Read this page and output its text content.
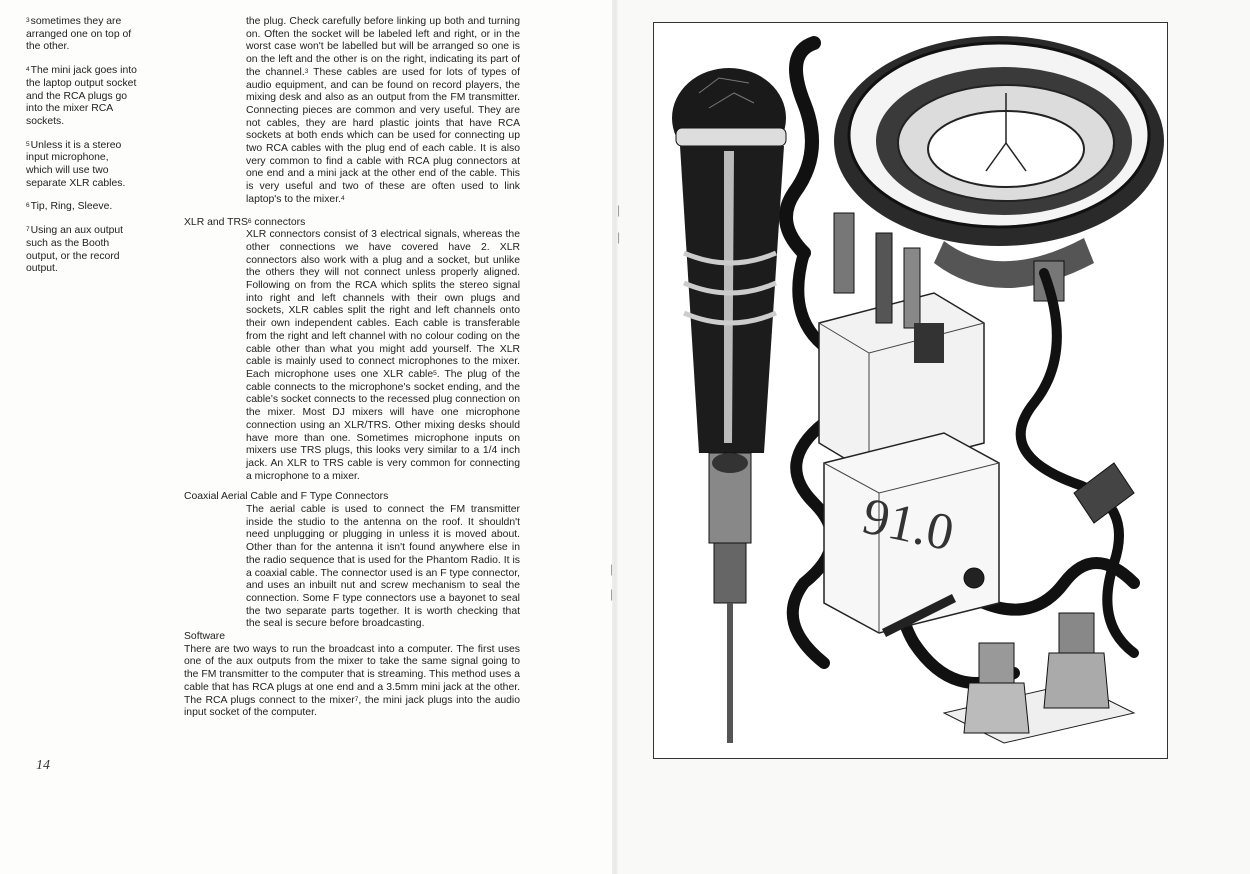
$^3$sometimes they are arranged one on top of the other.

$^4$The mini jack goes into the laptop output socket and the RCA plugs go into the mixer RCA sockets.

$^5$Unless it is a stereo input microphone, which will use two separate XLR cables.

$^6$Tip, Ring, Sleeve.

$^7$Using an aux output such as the Booth output, or the record output.

the plug. Check carefully before linking up both and turning on. Often the socket will be labeled left and right, or in the worst case won't be labelled but will be arranged so one is on the left and the other is on the right, indicating its part of the channel.$^3$ These cables are used for lots of types of audio equipment, and can be found on record players, the mixing desk and also as an output from the FM transmitter. Connecting pieces are common and very useful. They are not cables, they are hard plastic joints that have RCA sockets at both ends which can be used for connecting up two RCA cables with the plug end of each cable. It is also very common to find a cable with RCA plug connectors at one end and a mini jack at the other end of the cable. This is very useful and two of these are often used to link laptop's to the mixer.$^4$

XLR and TRS$^6$ connectors

XLR connectors consist of 3 electrical signals, whereas the other connections we have covered have 2. XLR connectors also work with a plug and a socket, but unlike the others they will not connect unless properly aligned. Following on from the RCA which splits the stereo signal into right and left channels with their own plugs and sockets, XLR cables split the right and left channels onto their own independent cables. Each cable is transferable from the right and left channel with no colour coding on the cable other than what you might add yourself. The XLR cable is mainly used to connect microphones to the mixer. Each microphone uses one XLR cable$^5$. The plug of the cable connects to the microphone's socket ending, and the cable's socket connects to the recessed plug connection on the mixer. Most DJ mixers will have one microphone connection using an XLR/TRS. Other mixing desks should have more than one. Sometimes microphone inputs on mixers use TRS plugs, this looks very similar to a 1/4 inch jack. An XLR to TRS cable is very common for connecting a microphone to a mixer.

Coaxial Aerial Cable and F Type Connectors

The aerial cable is used to connect the FM transmitter inside the studio to the antenna on the roof. It shouldn't need unplugging or plugging in unless it is moved about. Other than for the antenna it isn't found anywhere else in the radio sequence that is used for the Phantom Radio. It is a coaxial cable. The connector used is an F type connector, and uses an inbuilt nut and screw mechanism to seal the connection. Some F type connectors use a bayonet to seal the two separate parts together. It is worth checking that the seal is secure before broadcasting.

Software

There are two ways to run the broadcast into a computer. The first uses one of the aux outputs from the mixer to take the same signal going to the FM transmitter to the computer that is streaming. This method uses a cable that has RCA plugs at one end and a 3.5mm mini jack at the other. The RCA plugs connect to the mixer$^7$, the mini jack plugs into the audio input socket of the computer.

14
|
|
|
|
91.0
